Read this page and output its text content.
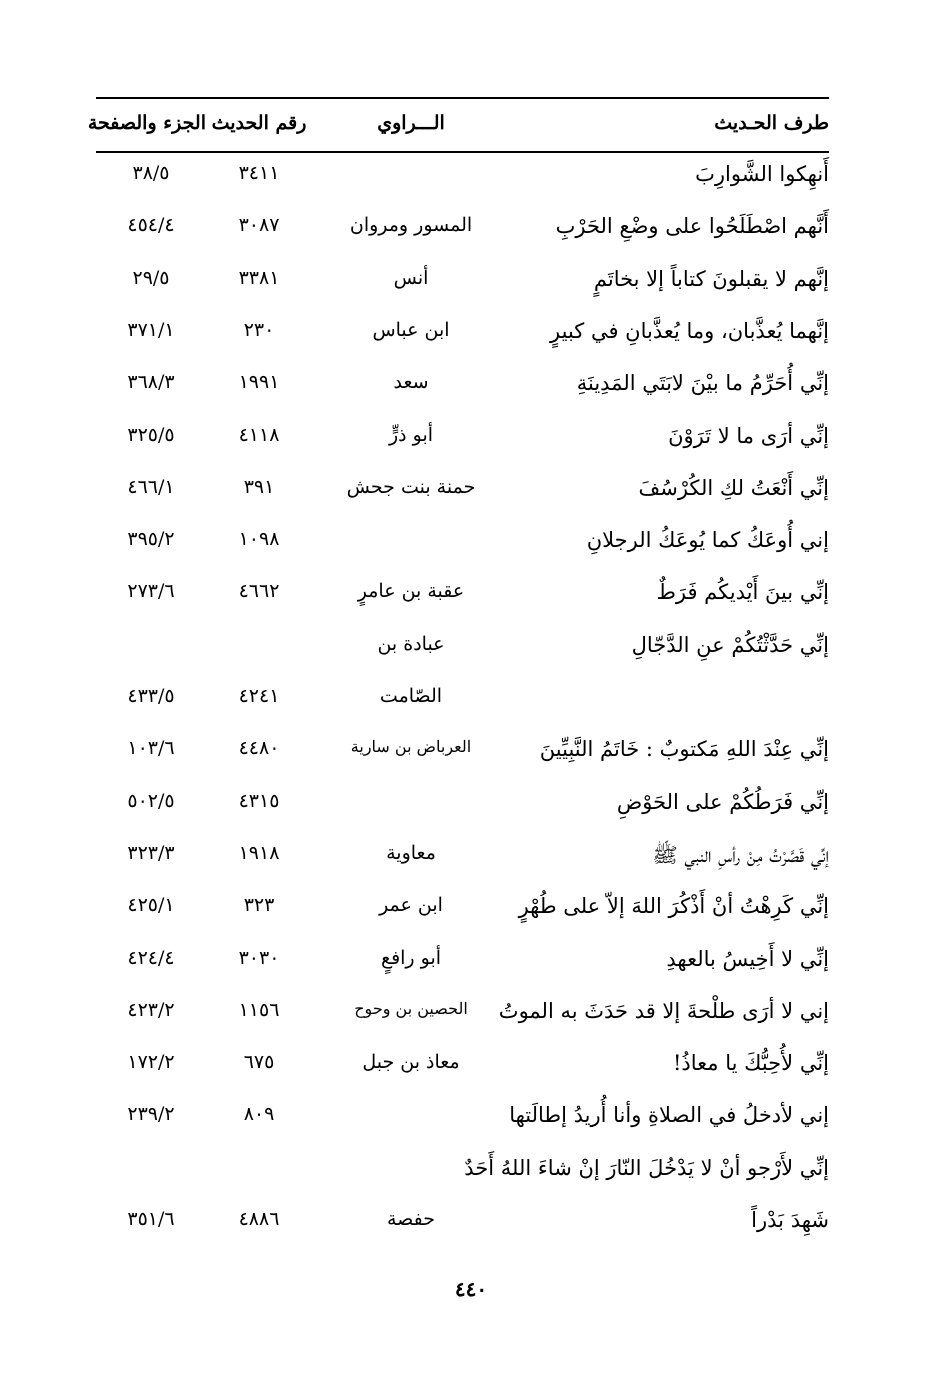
طرف الحـديث
الـــراوي
رقم الحديث
الجزء والصفحة
أَنهِكوا الشَّوارِبَ
٣٤١١
٣٨/٥
أَنَّهم اصْطَلَحُوا على وضْعِ الحَرْبِ
المسور ومروان
٣٠٨٧
٤٥٤/٤
إنَّهم لا يقبلونَ كتاباً إلا بخاتَمٍ
أنس
٣٣٨١
٢٩/٥
إنَّهما يُعذَّبان، وما يُعذَّبانِ في كبيرٍ
ابن عباس
٢٣٠
٣٧١/١
إنِّي أُحَرِّمُ ما بيْنَ لابَتَي المَدِينَةِ
سعد
١٩٩١
٣٦٨/٣
إنِّي أرَى ما لا تَرَوْنَ
أبو ذرٍّ
٤١١٨
٣٢٥/٥
إنِّي أَنْعَتُ لكِ الكُرْسُفَ
حمنة بنت جحش
٣٩١
٤٦٦/١
إني أُوعَكُ كما يُوعَكُ الرجلانِ
١٠٩٨
٣٩٥/٢
إنِّي بينَ أَيْديكُم فَرَطٌ
عقبة بن عامرٍ
٤٦٦٢
٢٧٣/٦
إنِّي حَدَّثْتُكُمْ عنِ الدَّجّالِ
عبادة بن
الصّامت
٤٢٤١
٤٣٣/٥
إنِّي عِنْدَ اللهِ مَكتوبٌ : خَاتَمُ النَّبِيِّينَ
العرباض بن سارية
٤٤٨٠
١٠٣/٦
إنِّي فَرَطُكُمْ على الحَوْضِ
٤٣١٥
٥٠٢/٥
إنِّي قَصَّرْتُ مِنْ رأسِ النبي ﷺ
معاوية
١٩١٨
٣٢٣/٣
إنِّي كَرِهْتُ أنْ أَذْكُرَ اللهَ إلاّ على طُهْرٍ
ابن عمر
٣٢٣
٤٢٥/١
إنِّي لا أَخِيسُ بالعهدِ
أبو رافعٍ
٣٠٣٠
٤٢٤/٤
إني لا أرَى طلْحةَ إلا قد حَدَثَ به الموتُ
الحصين بن وحوح
١١٥٦
٤٢٣/٢
إنِّي لأُحِبُّكَ يا معاذُ!
معاذ بن جبل
٦٧٥
١٧٢/٢
إني لأدخلُ في الصلاةِ وأنا أُريدُ إطالَتها
٨٠٩
٢٣٩/٢
إنِّي لأَرْجو أنْ لا يَدْخُلَ النّارَ إنْ شاءَ اللهُ أَحَدٌ
شَهِدَ بَدْراً
حفصة
٤٨٨٦
٣٥١/٦
٤٤٠
